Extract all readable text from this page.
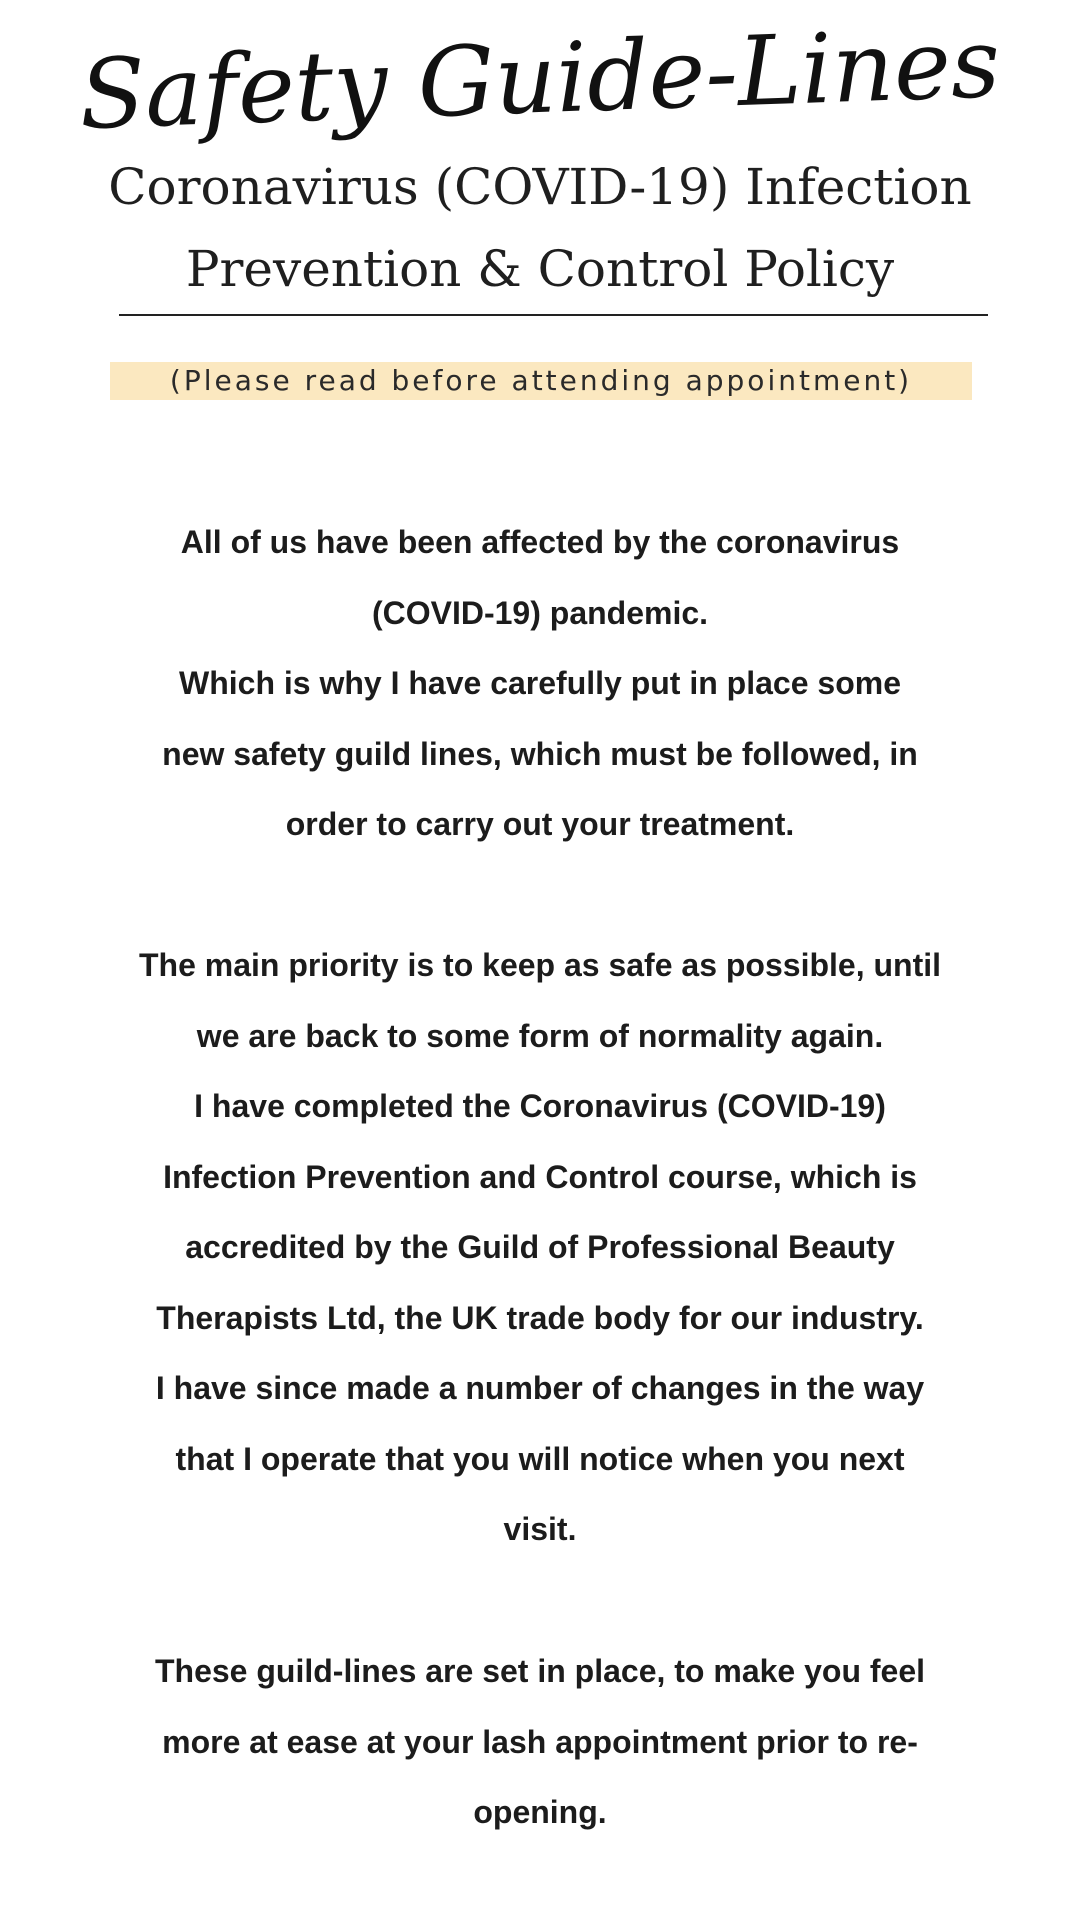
Safety Guide-Lines
Coronavirus (COVID-19) Infection
Prevention & Control Policy
(Please read before attending appointment)
All of us have been affected by the coronavirus
(COVID-19) pandemic.
Which is why I have carefully put in place some
new safety guild lines, which must be followed, in
order to carry out your treatment.
The main priority is to keep as safe as possible, until
we are back to some form of normality again.
I have completed the Coronavirus (COVID-19)
Infection Prevention and Control course, which is
accredited by the Guild of Professional Beauty
Therapists Ltd, the UK trade body for our industry.
I have since made a number of changes in the way
that I operate that you will notice when you next
visit.
These guild-lines are set in place, to make you feel
more at ease at your lash appointment prior to re-
opening.
